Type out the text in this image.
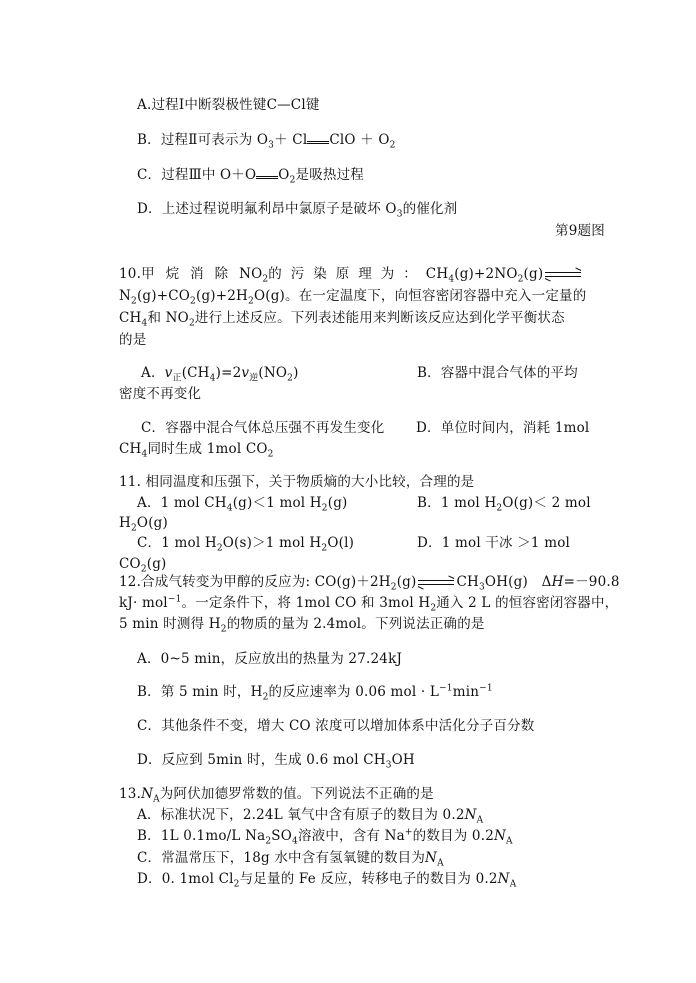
A.过程Ⅰ中断裂极性键C—Cl键
B．过程Ⅱ可表示为 $O_3+ Cl$ ClO ＋ $O_2$
C．过程Ⅲ中 O＋O $O_2$是吸热过程
D．上述过程说明氟利昂中氯原子是破坏 $O_3$的催化剂
第9题图
10. 甲烷消除 $NO_2$ 的污染原理为： $CH_4(g)+2NO_2(g)$
$N_2(g)+CO_2(g)+2H_2O(g)$。在一定温度下，向恒容密闭容器中充入一定量的
$CH_4$和 $NO_2$进行上述反应。下列表述能用来判断该反应达到化学平衡状态
的是
A．$v_正(CH_4)=2v_逆(NO_2)$	B．容器中混合气体的平均
密度不再变化
C．容器中混合气体总压强不再发生变化 D．单位时间内，消耗 1mol
$CH_4$同时生成 1mol $CO_2$
11. 相同温度和压强下，关于物质熵的大小比较，合理的是
A．1 mol $CH_4(g)<1$ mol $H_2(g)$	B．1 mol $H_2O(g)< 2$ mol
$H_2O(g)$
C．1 mol $H_2O(s)>1$ mol $H_2O(l)$	D．1 mol 干冰 ＞1 mol
$CO_2(g)$
12.合成气转变为甲醇的反应为: $CO(g)+2H_2(g)$	$CH_3OH(g)$　ΔH=－90.8
kJ· mol$^{-1}$。一定条件下，将 1mol CO 和 3mol $H_2$通入 2 L 的恒容密闭容器中，
5 min 时测得 $H_2$的物质的量为 2.4mol。下列说法正确的是
A．0~5 min，反应放出的热量为 27.24kJ
B．第 5 min 时，$H_2$的反应速率为 0.06 mol · $L^{-1}\min^{-1}$
C．其他条件不变，增大 CO 浓度可以增加体系中活化分子百分数
D．反应到 5min 时，生成 0.6 mol $CH_3OH$
$13.N_A$为阿伏加德罗常数的值。下列说法不正确的是
A．标准状况下，2.24L 氧气中含有原子的数目为 $0.2N_A$
B．1L 0.1mo/L $Na_2SO_4$溶液中，含有 Na+的数目为 $0.2N_A$
C．常温常压下，18g 水中含有氢氧键的数目为$N_A$
D．0. 1mol $Cl_2$与足量的 Fe 反应，转移电子的数目为 $0.2N_A$
